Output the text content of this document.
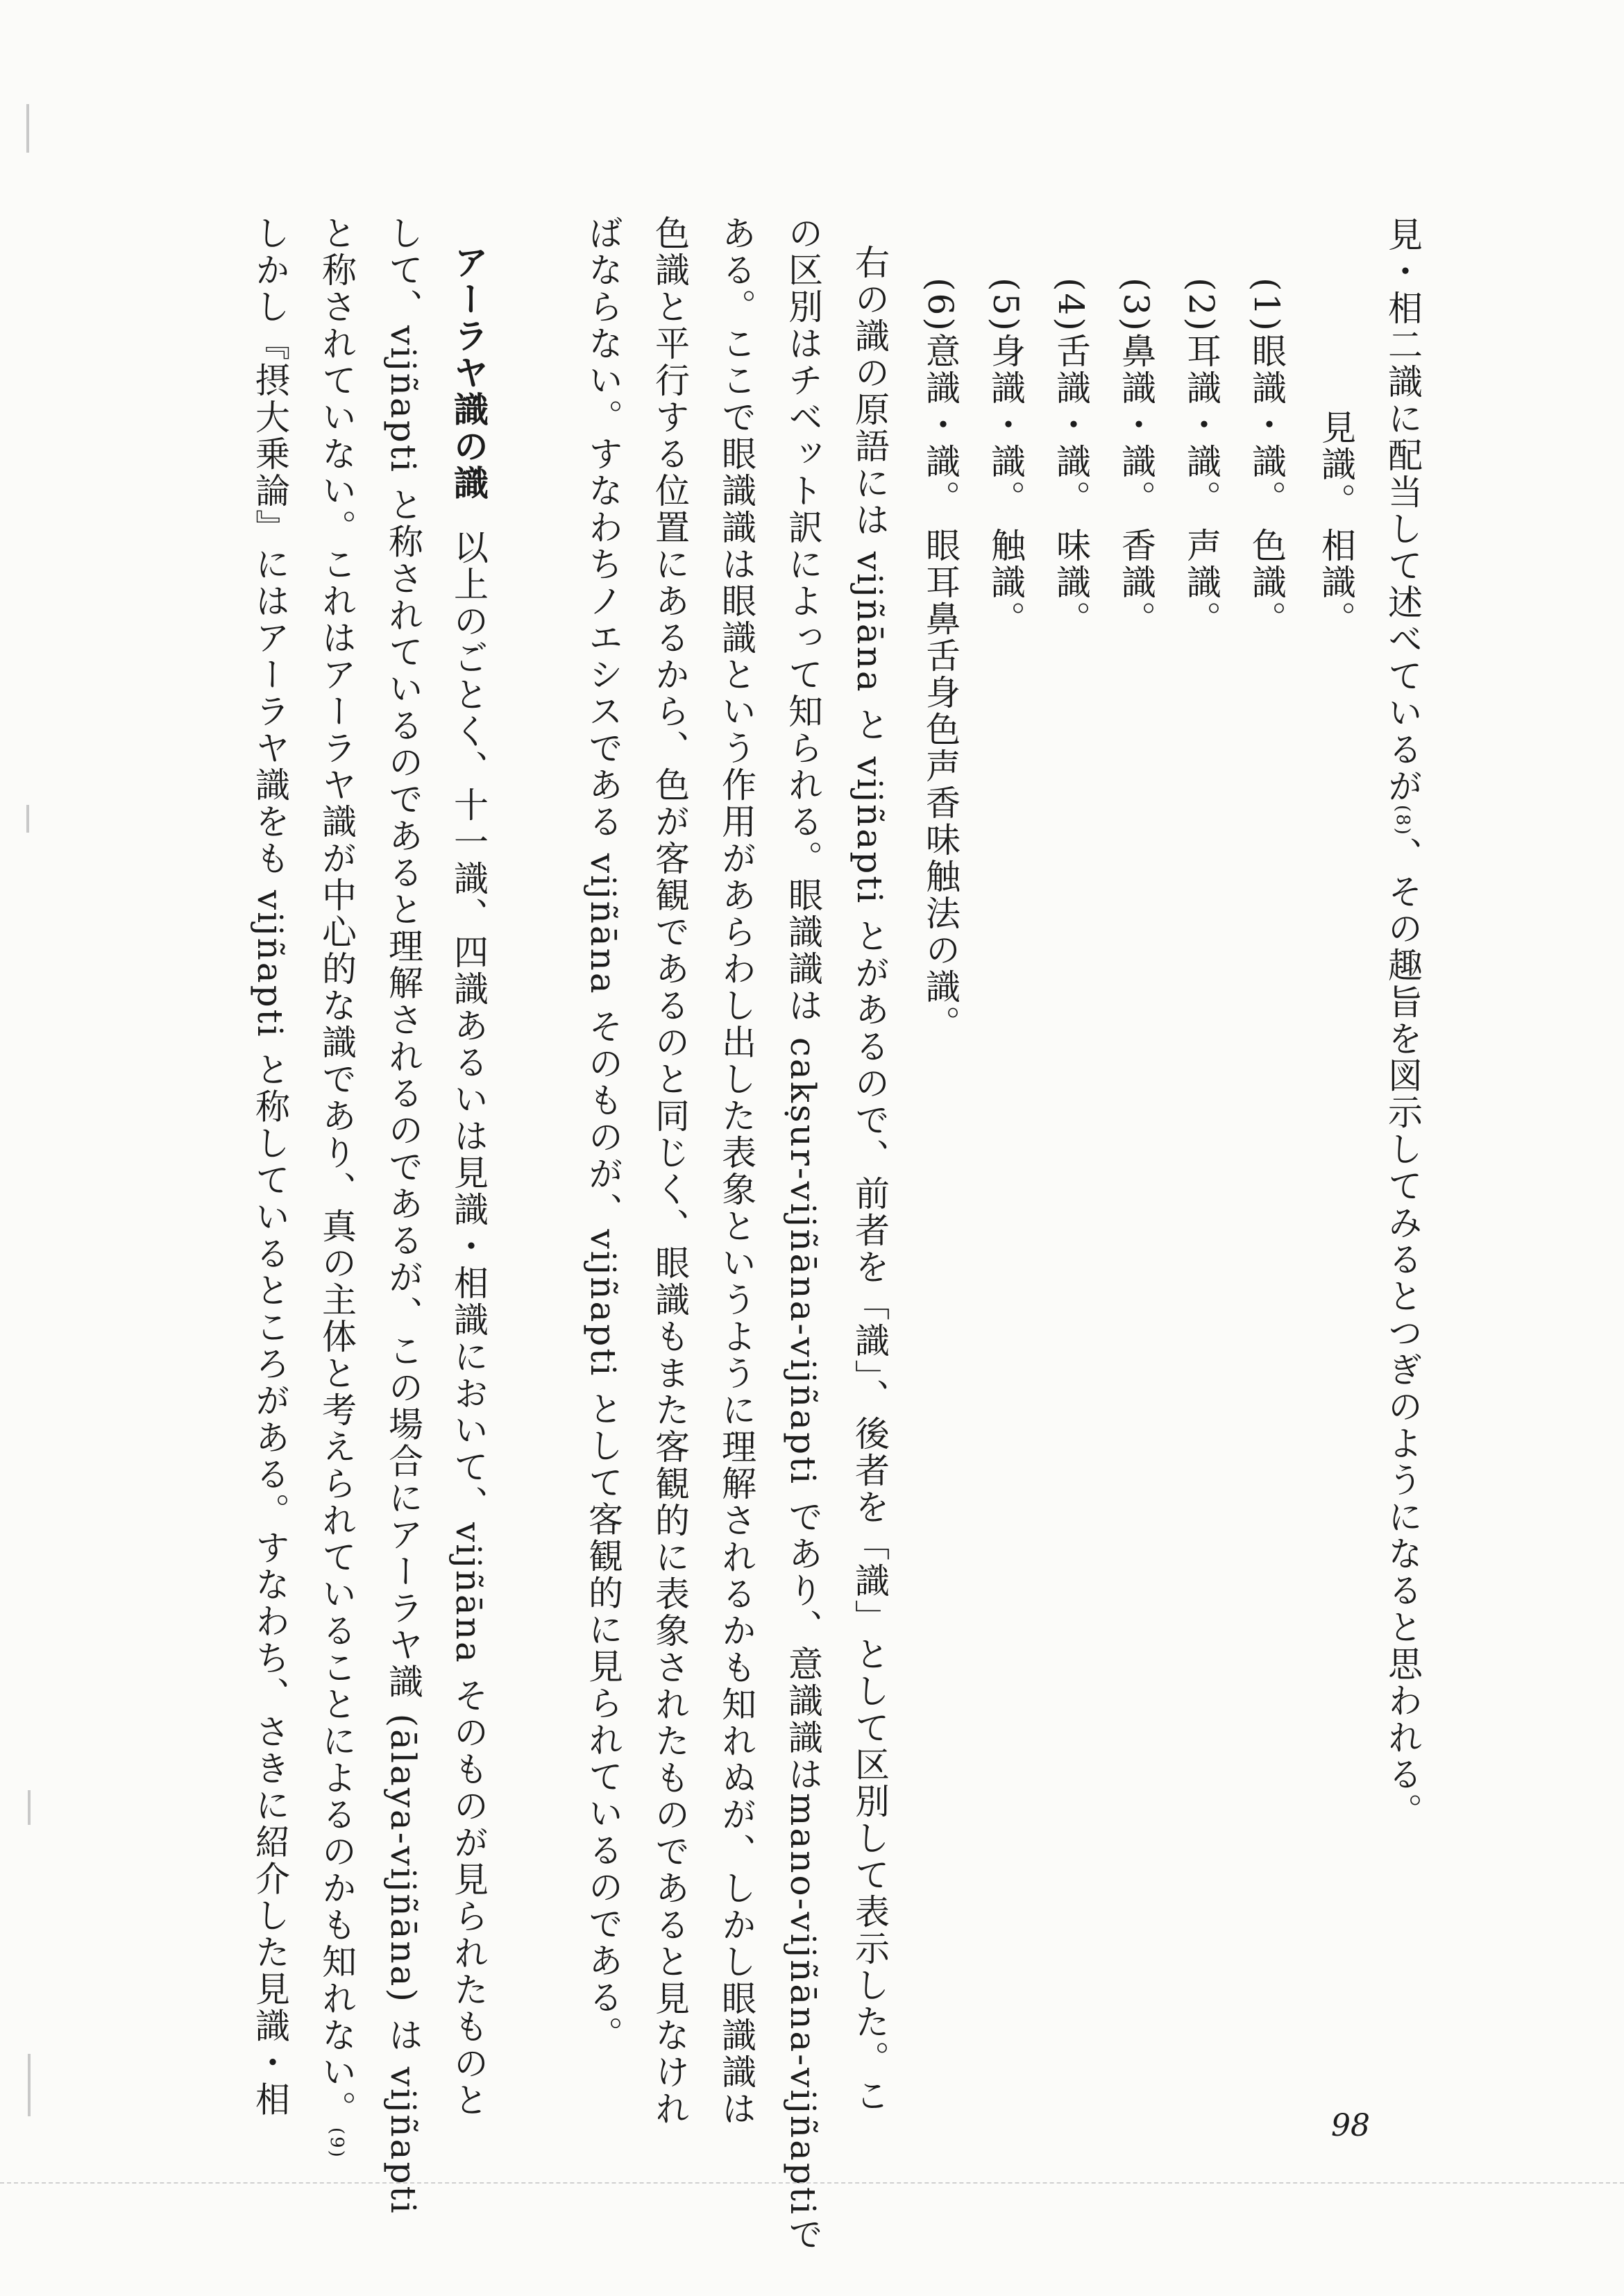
見・相二識に配当して述べているが(8)、その趣旨を図示してみるとつぎのようになると思われる。
見識。
相識。
(1)眼識・識。
色識。
(2)耳識・識。
声識。
(3)鼻識・識。
香識。
(4)舌識・識。
味識。
(5)身識・識。
触識。
(6)意識・識。
眼耳鼻舌身色声香味触法の識。
右の識の原語には vijñāna と vijñapti とがあるので、前者を「識」、後者を「識」として区別して表示した。こ
の区別はチベット訳によって知られる。眼識識は cakṣur-vijñāna-vijñapti であり、意識識はmano-vijñāna-vijñaptiで
ある。ここで眼識識は眼識という作用があらわし出した表象というように理解されるかも知れぬが、しかし眼識識は
色識と平行する位置にあるから、色が客観であるのと同じく、眼識もまた客観的に表象されたものであると見なけれ
ばならない。すなわちノエシスである vijñāna そのものが、vijñapti として客観的に見られているのである。
アーラヤ識の識以上のごとく、十一識、四識あるいは見識・相識において、vijñāna そのものが見られたものと
して、vijñapti と称されているのであると理解されるのであるが、この場合にアーラヤ識 (ālaya-vijñāna) は vijñapti
と称されていない。これはアーラヤ識が中心的な識であり、真の主体と考えられていることによるのかも知れない。(9)
しかし『摂大乗論』にはアーラヤ識をも vijñapti と称しているところがある。すなわち、さきに紹介した見識・相
98
